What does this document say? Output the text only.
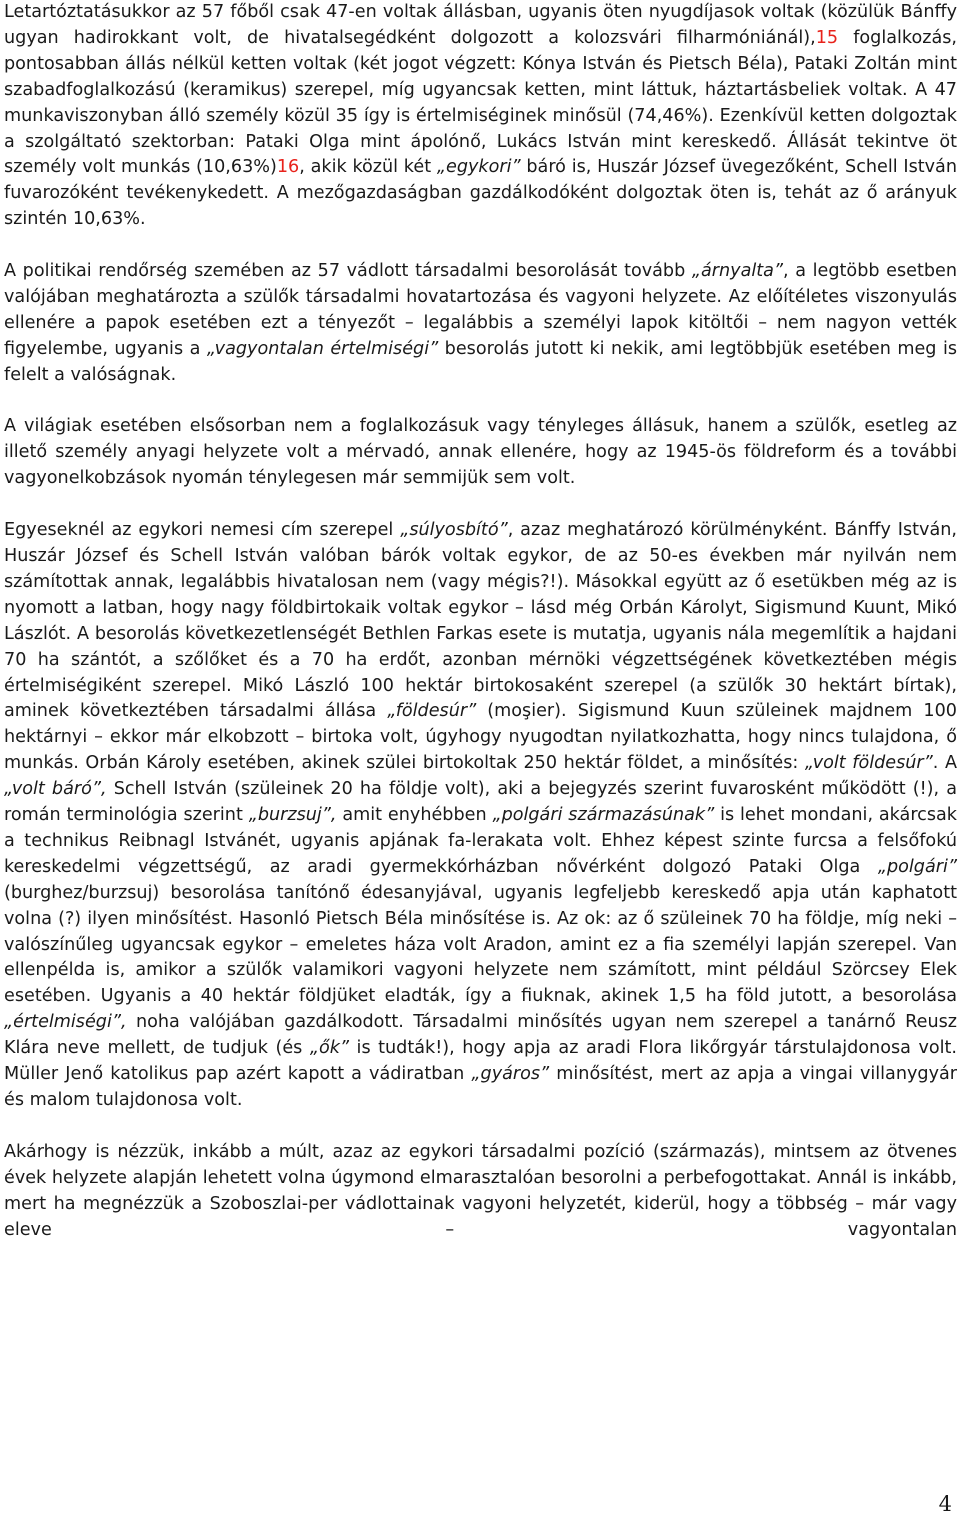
Letartóztatásukkor az 57 főből csak 47-en voltak állásban, ugyanis öten nyugdíjasok voltak (közülük Bánffy ugyan hadirokkant volt, de hivatalsegédként dolgozott a kolozsvári filharmóniánál),15 foglalkozás, pontosabban állás nélkül ketten voltak (két jogot végzett: Kónya István és Pietsch Béla), Pataki Zoltán mint szabadfoglalkozású (keramikus) szerepel, míg ugyancsak ketten, mint láttuk, háztartásbeliek voltak. A 47 munkaviszonyban álló személy közül 35 így is értelmiséginek minősül (74,46%). Ezenkívül ketten dolgoztak a szolgáltató szektorban: Pataki Olga mint ápolónő, Lukács István mint kereskedő. Állását tekintve öt személy volt munkás (10,63%)16, akik közül két „egykori” báró is, Huszár József üvegezőként, Schell István fuvarozóként tevékenykedett. A mezőgazdaságban gazdálkodóként dolgoztak öten is, tehát az ő arányuk szintén 10,63%.

A politikai rendőrség szemében az 57 vádlott társadalmi besorolását tovább „árnyalta”, a legtöbb esetben valójában meghatározta a szülők társadalmi hovatartozása és vagyoni helyzete. Az előítéletes viszonyulás ellenére a papok esetében ezt a tényezőt – legalábbis a személyi lapok kitöltői – nem nagyon vették figyelembe, ugyanis a „vagyontalan értelmiségi” besorolás jutott ki nekik, ami legtöbbjük esetében meg is felelt a valóságnak.

A világiak esetében elsősorban nem a foglalkozásuk vagy tényleges állásuk, hanem a szülők, esetleg az illető személy anyagi helyzete volt a mérvadó, annak ellenére, hogy az 1945-ös földreform és a további vagyonelkobzások nyomán ténylegesen már semmijük sem volt.

Egyeseknél az egykori nemesi cím szerepel „súlyosbító”, azaz meghatározó körülményként. Bánffy István, Huszár József és Schell István valóban bárók voltak egykor, de az 50-es években már nyilván nem számítottak annak, legalábbis hivatalosan nem (vagy mégis?!). Másokkal együtt az ő esetükben még az is nyomott a latban, hogy nagy földbirtokaik voltak egykor – lásd még Orbán Károlyt, Sigismund Kuunt, Mikó Lászlót. A besorolás következetlenségét Bethlen Farkas esete is mutatja, ugyanis nála megemlítik a hajdani 70 ha szántót, a szőlőket és a 70 ha erdőt, azonban mérnöki végzettségének következtében mégis értelmiségiként szerepel. Mikó László 100 hektár birtokosaként szerepel (a szülők 30 hektárt bírtak), aminek következtében társadalmi állása „földesúr” (moşier). Sigismund Kuun szüleinek majdnem 100 hektárnyi – ekkor már elkobzott – birtoka volt, úgyhogy nyugodtan nyilatkozhatta, hogy nincs tulajdona, ő munkás. Orbán Károly esetében, akinek szülei birtokoltak 250 hektár földet, a minősítés: „volt földesúr”. A „volt báró”, Schell István (szüleinek 20 ha földje volt), aki a bejegyzés szerint fuvarosként működött (!), a román terminológia szerint „burzsuj”, amit enyhébben „polgári származásúnak” is lehet mondani, akárcsak a technikus Reibnagl Istvánét, ugyanis apjának fa-lerakata volt. Ehhez képest szinte furcsa a felsőfokú kereskedelmi végzettségű, az aradi gyermekkórházban nővérként dolgozó Pataki Olga „polgári” (burghez/burzsuj) besorolása tanítónő édesanyjával, ugyanis legfeljebb kereskedő apja után kaphatott volna (?) ilyen minősítést. Hasonló Pietsch Béla minősítése is. Az ok: az ő szüleinek 70 ha földje, míg neki – valószínűleg ugyancsak egykor – emeletes háza volt Aradon, amint ez a fia személyi lapján szerepel. Van ellenpélda is, amikor a szülők valamikori vagyoni helyzete nem számított, mint például Szörcsey Elek esetében. Ugyanis a 40 hektár földjüket eladták, így a fiuknak, akinek 1,5 ha föld jutott, a besorolása „értelmiségi”, noha valójában gazdálkodott. Társadalmi minősítés ugyan nem szerepel a tanárnő Reusz Klára neve mellett, de tudjuk (és „ők” is tudták!), hogy apja az aradi Flora likőrgyár társtulajdonosa volt. Müller Jenő katolikus pap azért kapott a vádiratban „gyáros” minősítést, mert az apja a vingai villanygyár és malom tulajdonosa volt.

Akárhogy is nézzük, inkább a múlt, azaz az egykori társadalmi pozíció (származás), mintsem az ötvenes évek helyzete alapján lehetett volna úgymond elmarasztalóan besorolni a perbefogottakat. Annál is inkább, mert ha megnézzük a Szoboszlai-per vádlottainak vagyoni helyzetét, kiderül, hogy a többség – már vagy eleve – vagyontalan

4
